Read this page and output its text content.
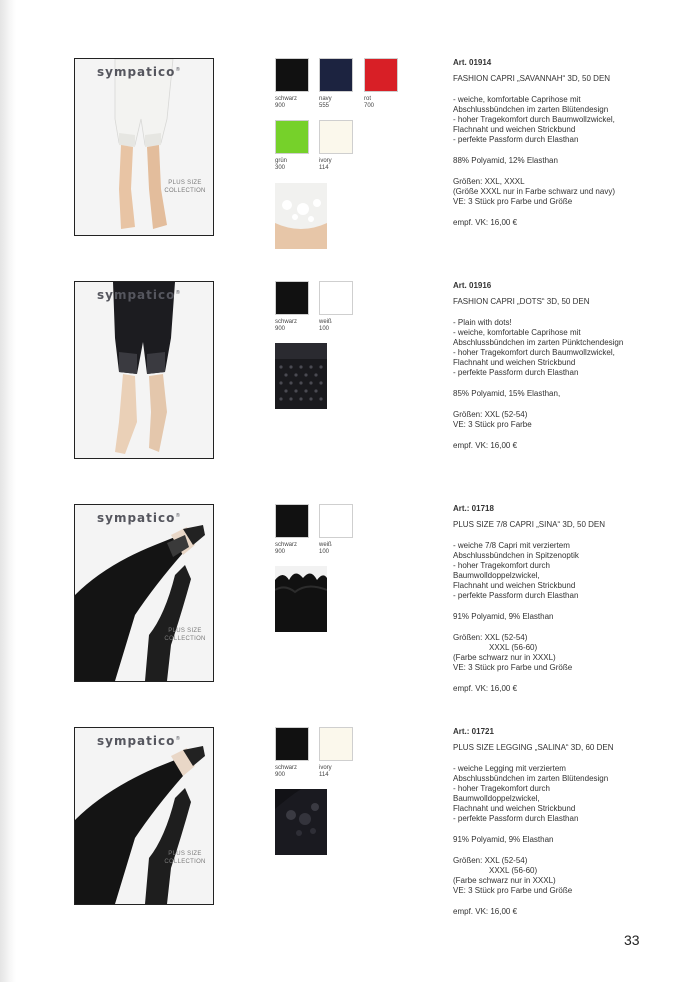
sympatico®
PLUS SIZE
COLLECTION
schwarz
900
navy
555
rot
700
grün
300
ivory
114
Art. 01914
FASHION CAPRI „SAVANNAH“ 3D, 50 DEN
- weiche, komfortable Caprihose mit
Abschlussbündchen im zarten Blütendesign
- hoher Tragekomfort durch Baumwollzwickel,
Flachnaht und weichen Strickbund
- perfekte Passform durch Elasthan
88% Polyamid, 12% Elasthan
Größen: XXL, XXXL
(Größe XXXL nur in Farbe schwarz und navy)
VE: 3 Stück pro Farbe und Größe
empf. VK: 16,00 €
sympatico®
schwarz
900
weiß
100
Art. 01916
FASHION CAPRI „DOTS“ 3D, 50 DEN
- Plain with dots!
- weiche, komfortable Caprihose mit
Abschlussbündchen im zarten Pünktchendesign
- hoher Tragekomfort durch Baumwollzwickel,
Flachnaht und weichen Strickbund
- perfekte Passform durch Elasthan
85% Polyamid, 15% Elasthan,
Größen: XXL (52-54)
VE: 3 Stück pro Farbe
empf. VK: 16,00 €
sympatico®
PLUS SIZE
COLLECTION
schwarz
900
weiß
100
Art.: 01718
PLUS SIZE 7/8 CAPRI „SINA“ 3D, 50 DEN
- weiche 7/8 Capri mit verziertem
Abschlussbündchen in Spitzenoptik
- hoher Tragekomfort durch
Baumwolldoppelzwickel,
Flachnaht und weichen Strickbund
- perfekte Passform durch Elasthan
91% Polyamid, 9% Elasthan
Größen: XXL (52-54)
XXXL (56-60)
(Farbe schwarz nur in XXXL)
VE: 3 Stück pro Farbe und Größe
empf. VK: 16,00 €
sympatico®
PLUS SIZE
COLLECTION
schwarz
900
ivory
114
Art.: 01721
PLUS SIZE LEGGING „SALINA“ 3D, 60 DEN
- weiche Legging mit verziertem
Abschlussbündchen im zarten Blütendesign
- hoher Tragekomfort durch
Baumwolldoppelzwickel,
Flachnaht und weichen Strickbund
- perfekte Passform durch Elasthan
91% Polyamid, 9% Elasthan
Größen: XXL (52-54)
XXXL (56-60)
(Farbe schwarz nur in XXXL)
VE: 3 Stück pro Farbe und Größe
empf. VK: 16,00 €
33
